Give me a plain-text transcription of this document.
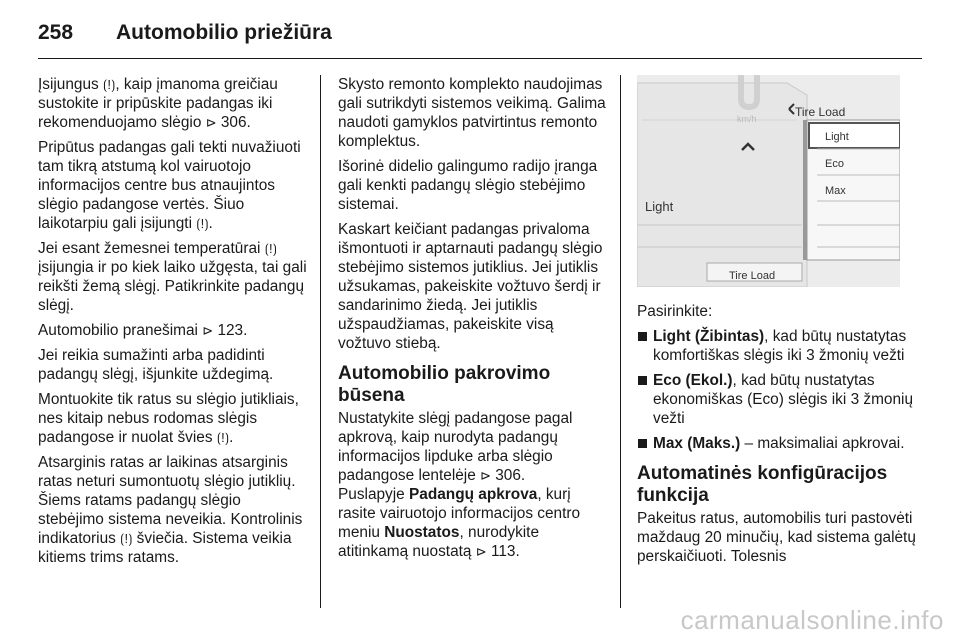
258	Automobilio priežiūra

Įsijungus ⟮!⟯, kaip įmanoma greičiau sustokite ir pripūskite padangas iki rekomenduojamo slėgio ⊳ 306.

Pripūtus padangas gali tekti nuvažiuoti tam tikrą atstumą kol vairuotojo informacijos centre bus atnaujintos slėgio padangose vertės. Šiuo laikotarpiu gali įsijungti ⟮!⟯.

Jei esant žemesnei temperatūrai ⟮!⟯ įsijungia ir po kiek laiko užgęsta, tai gali reikšti žemą slėgį. Patikrinkite padangų slėgį.

Automobilio pranešimai ⊳ 123.

Jei reikia sumažinti arba padidinti padangų slėgį, išjunkite uždegimą.

Montuokite tik ratus su slėgio jutikliais, nes kitaip nebus rodomas slėgis padangose ir nuolat švies ⟮!⟯.

Atsarginis ratas ar laikinas atsarginis ratas neturi sumontuotų slėgio jutiklių. Šiems ratams padangų slėgio stebėjimo sistema neveikia. Kontrolinis indikatorius ⟮!⟯ šviečia. Sistema veikia kitiems trims ratams.

Skysto remonto komplekto naudojimas gali sutrikdyti sistemos veikimą. Galima naudoti gamyklos patvirtintus remonto komplektus.

Išorinė didelio galingumo radijo įranga gali kenkti padangų slėgio stebėjimo sistemai.

Kaskart keičiant padangas privaloma išmontuoti ir aptarnauti padangų slėgio stebėjimo sistemos jutiklius. Jei jutiklis užsukamas, pakeiskite vožtuvo šerdį ir sandarinimo žiedą. Jei jutiklis užspaudžiamas, pakeiskite visą vožtuvo stiebą.

Automobilio pakrovimo būsena

Nustatykite slėgį padangose pagal apkrovą, kaip nurodyta padangų informacijos lipduke arba slėgio padangose lentelėje ⊳ 306.

Puslapyje Padangų apkrova, kurį rasite vairuotojo informacijos centro meniu Nuostatos, nurodykite atitinkamą nuostatą ⊳ 113.

km/h	Tire Load
Light
Light
Eco
Max
Tire Load

Pasirinkite:

Light (Žibintas), kad būtų nustatytas komfortiškas slėgis iki 3 žmonių vežti
Eco (Ekol.), kad būtų nustatytas ekonomiškas (Eco) slėgis iki 3 žmonių vežti
Max (Maks.) – maksimaliai apkrovai.
Automatinės konfigūracijos funkcija

Pakeitus ratus, automobilis turi pastovėti maždaug 20 minučių, kad sistema galėtų perskaičiuoti. Tolesnis

carmanualsonline.info
